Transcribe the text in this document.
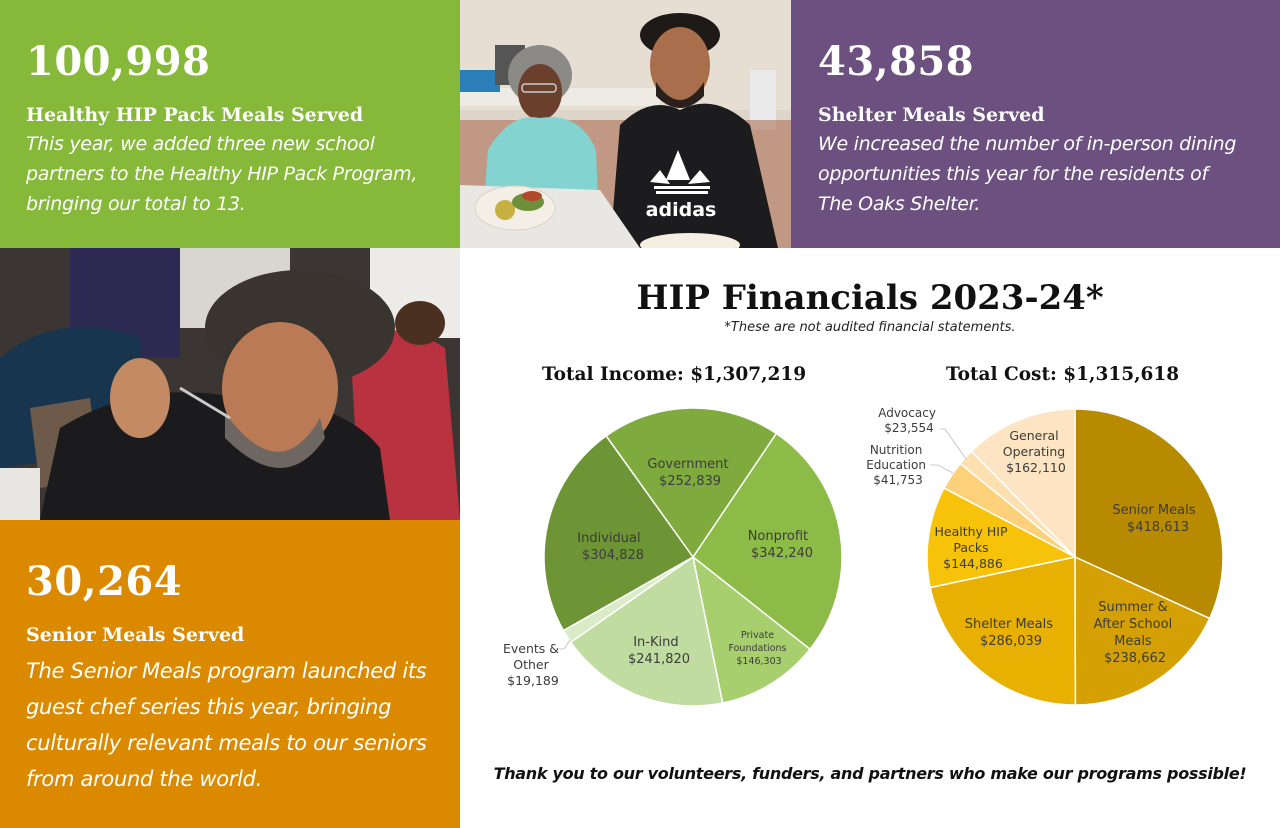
100,998
Healthy HIP Pack Meals Served
This year, we added three new school
partners to the Healthy HIP Pack Program,
bringing our total to 13.	adidas
43,858
Shelter Meals Served
We increased the number of in-person dining
opportunities this year for the residents of
The Oaks Shelter.
30,264
Senior Meals Served
The Senior Meals program launched its
guest chef series this year, bringing
culturally relevant meals to our seniors
from around the world.
HIP Financials 2023-24*
*These are not audited financial statements.
Total Income: $1,307,219	Total Cost: $1,315,618
Government $252,839
Nonprofit $342,240
Individual $304,828
In-Kind $241,820
Private Foundations $146,303
Events & Other $19,189
Senior Meals $418,613
Summer & After School Meals $238,662
Shelter Meals $286,039
Healthy HIP Packs $144,886
General Operating $162,110
Advocacy $23,554
Nutrition Education $41,753
Thank you to our volunteers, funders, and partners who make our programs possible!
